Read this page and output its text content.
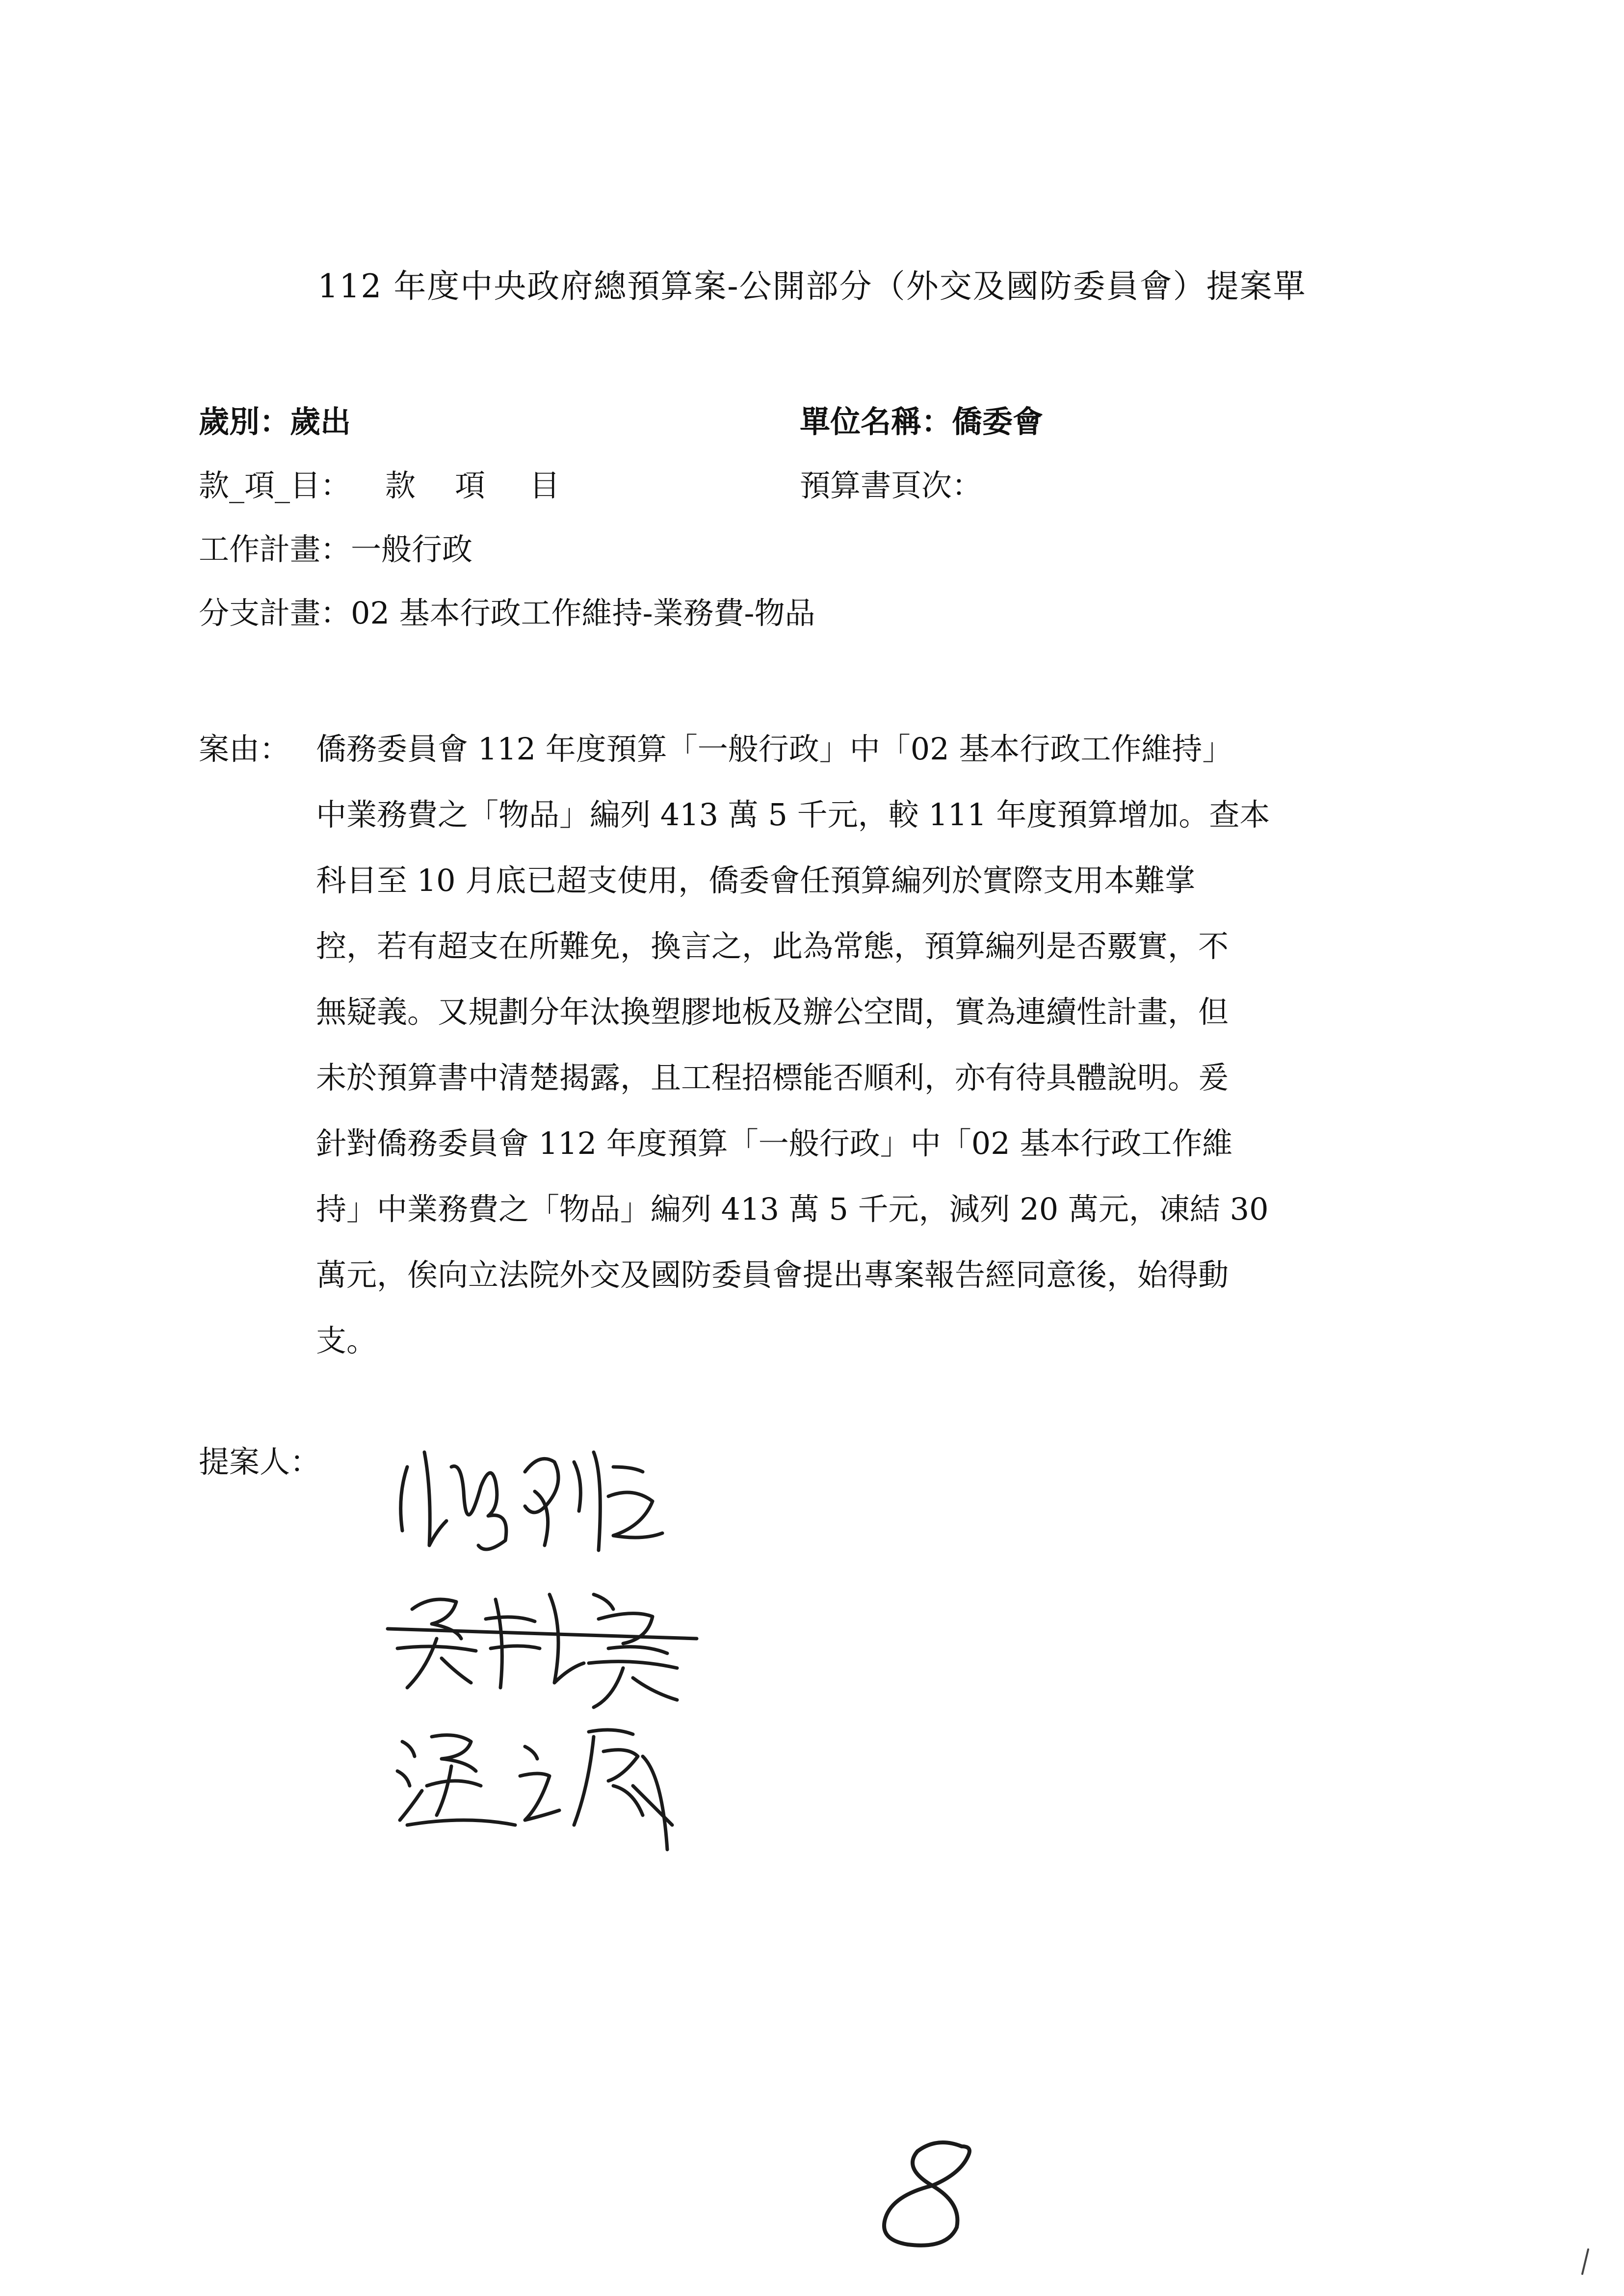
112 年度中央政府總預算案-公開部分（外交及國防委員會）提案單
歲別：歲出	單位名稱：僑委會
款_項_目： 款 項 目	預算書頁次：
工作計畫：一般行政
分支計畫：02 基本行政工作維持-業務費-物品
案由： 僑務委員會 112 年度預算「一般行政」中「02 基本行政工作維持」
中業務費之「物品」編列 413 萬 5 千元，較 111 年度預算增加。查本
科目至 10 月底已超支使用，僑委會任預算編列於實際支用本難掌
控，若有超支在所難免，換言之，此為常態，預算編列是否覈實，不
無疑義。又規劃分年汰換塑膠地板及辦公空間，實為連續性計畫，但
未於預算書中清楚揭露，且工程招標能否順利，亦有待具體說明。爰
針對僑務委員會 112 年度預算「一般行政」中「02 基本行政工作維
持」中業務費之「物品」編列 413 萬 5 千元，減列 20 萬元，凍結 30
萬元，俟向立法院外交及國防委員會提出專案報告經同意後，始得動
支。
提案人：
